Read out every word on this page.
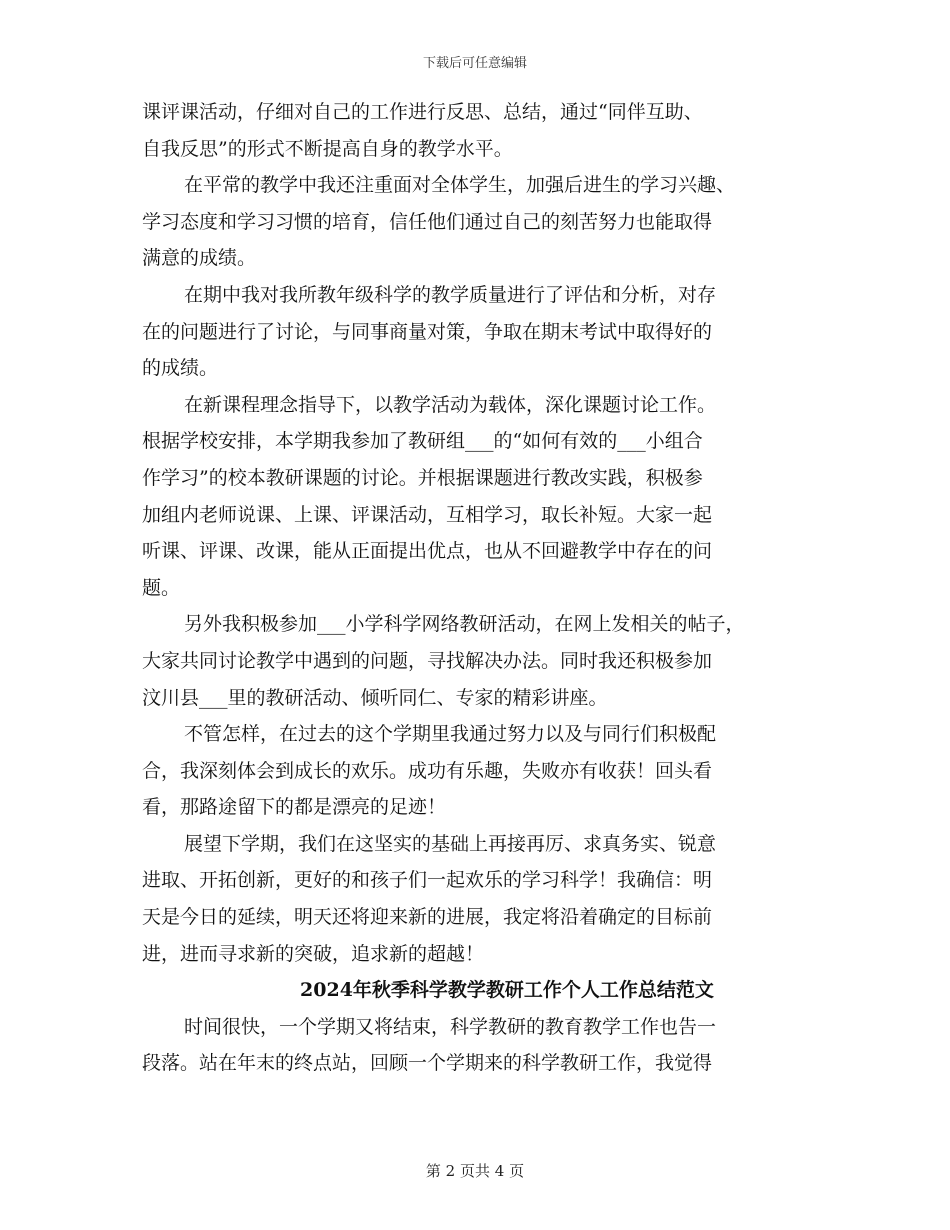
下载后可任意编辑
课评课活动，仔细对自己的工作进行反思、总结，通过“同伴互助、
自我反思”的形式不断提高自身的教学水平。
在平常的教学中我还注重面对全体学生，加强后进生的学习兴趣、
学习态度和学习习惯的培育，信任他们通过自己的刻苦努力也能取得
满意的成绩。
在期中我对我所教年级科学的教学质量进行了评估和分析，对存
在的问题进行了讨论，与同事商量对策，争取在期末考试中取得好的
的成绩。
在新课程理念指导下，以教学活动为载体，深化课题讨论工作。
根据学校安排，本学期我参加了教研组___的“如何有效的___小组合
作学习”的校本教研课题的讨论。并根据课题进行教改实践，积极参
加组内老师说课、上课、评课活动，互相学习，取长补短。大家一起
听课、评课、改课，能从正面提出优点，也从不回避教学中存在的问
题。
另外我积极参加___小学科学网络教研活动，在网上发相关的帖子，
大家共同讨论教学中遇到的问题，寻找解决办法。同时我还积极参加
汶川县___里的教研活动、倾听同仁、专家的精彩讲座。
不管怎样，在过去的这个学期里我通过努力以及与同行们积极配
合，我深刻体会到成长的欢乐。成功有乐趣，失败亦有收获！回头看
看，那路途留下的都是漂亮的足迹！
展望下学期，我们在这坚实的基础上再接再厉、求真务实、锐意
进取、开拓创新，更好的和孩子们一起欢乐的学习科学！我确信：明
天是今日的延续，明天还将迎来新的进展，我定将沿着确定的目标前
进，进而寻求新的突破，追求新的超越！
2024年秋季科学教学教研工作个人工作总结范文
时间很快，一个学期又将结束，科学教研的教育教学工作也告一
段落。站在年末的终点站，回顾一个学期来的科学教研工作，我觉得
第 2 页共 4 页
